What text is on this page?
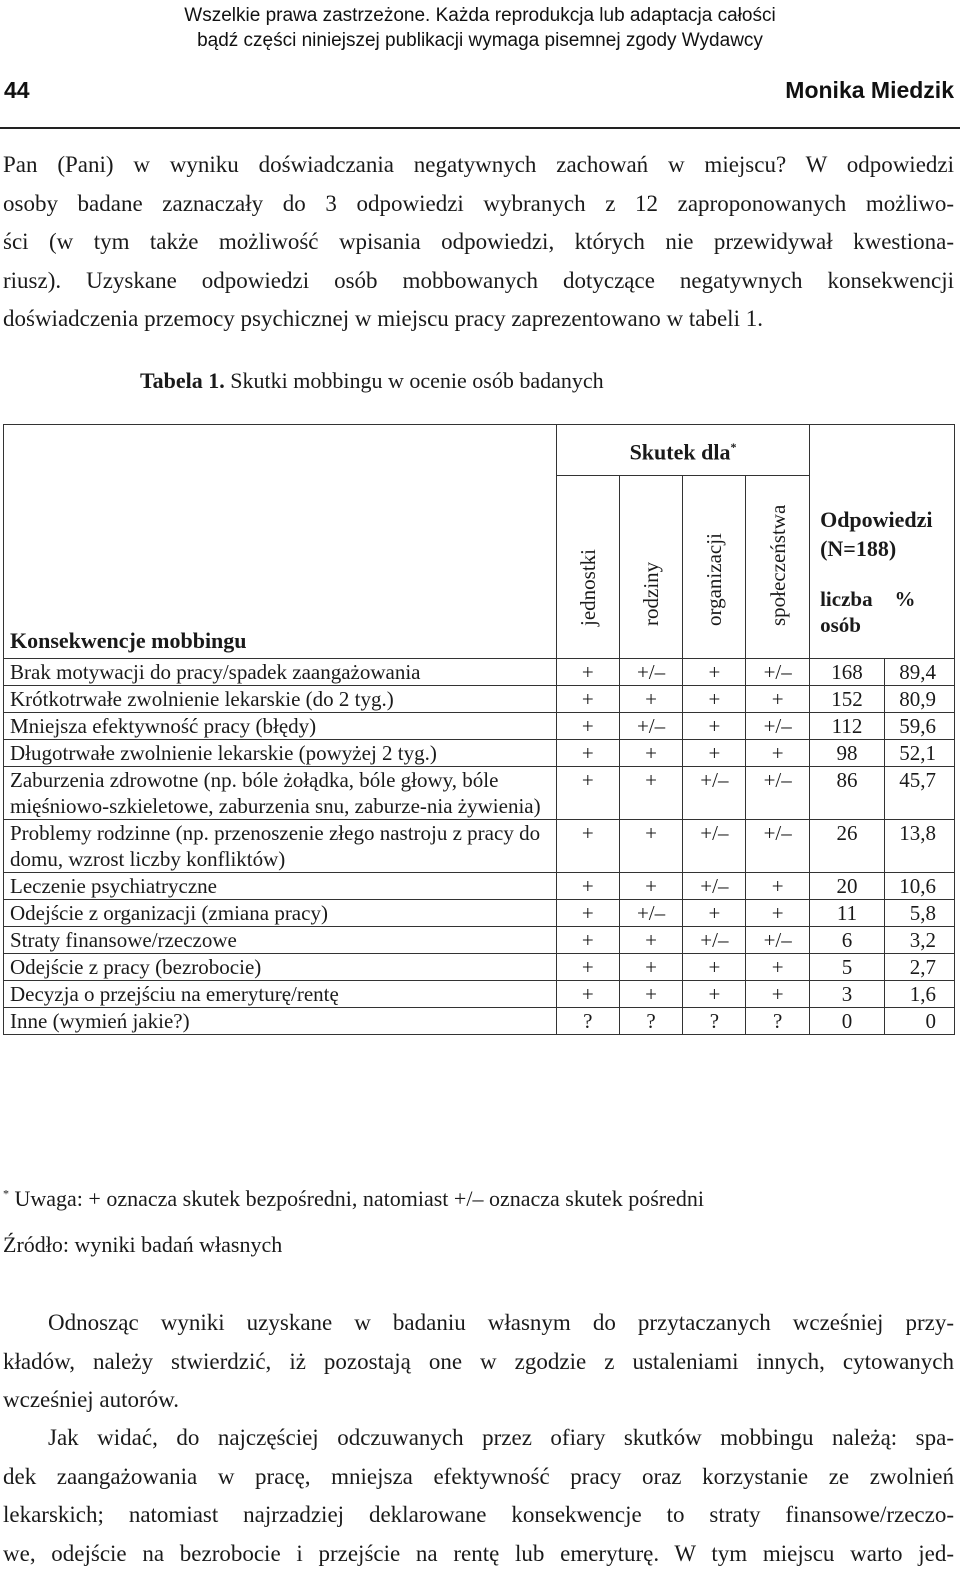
Wszelkie prawa zastrzeżone. Każda reprodukcja lub adaptacja całości
bądź części niniejszej publikacji wymaga pisemnej zgody Wydawcy
44	Monika Miedzik
Pan (Pani) w wyniku doświadczania negatywnych zachowań w miejscu? W odpowiedzi
osoby badane zaznaczały do 3 odpowiedzi wybranych z 12 zaproponowanych możliwo-
ści (w tym także możliwość wpisania odpowiedzi, których nie przewidywał kwestiona-
riusz). Uzyskane odpowiedzi osób mobbowanych dotyczące negatywnych konsekwencji
doświadczenia przemocy psychicznej w miejscu pracy zaprezentowano w tabeli 1.
Tabela 1. Skutki mobbingu w ocenie osób badanych
Konsekwencje mobbingu	Skutek dla*				Odpowiedzi (N=188)	

	jednostki	rodziny	organizacji	społeczeństwa		

					liczba osób	%
Brak motywacji do pracy/spadek zaangażowania	+	+/–	+	+/–	168	89,4
Krótkotrwałe zwolnienie lekarskie (do 2 tyg.)	+	+	+	+	152	80,9
Mniejsza efektywność pracy (błędy)	+	+/–	+	+/–	112	59,6
Długotrwałe zwolnienie lekarskie (powyżej 2 tyg.)	+	+	+	+	98	52,1
Zaburzenia zdrowotne (np. bóle żołądka, bóle głowy, bóle mięśniowo-szkieletowe, zaburzenia snu, zaburze-nia żywienia)	+	+	+/–	+/–	86	45,7
Problemy rodzinne (np. przenoszenie złego nastroju z pracy do domu, wzrost liczby konfliktów)	+	+	+/–	+/–	26	13,8
Leczenie psychiatryczne	+	+	+/–	+	20	10,6
Odejście z organizacji (zmiana pracy)	+	+/–	+	+	11	5,8
Straty finansowe/rzeczowe	+	+	+/–	+/–	6	3,2
Odejście z pracy (bezrobocie)	+	+	+	+	5	2,7
Decyzja o przejściu na emeryturę/rentę	+	+	+	+	3	1,6
Inne (wymień jakie?)	?	?	?	?	0	0
* Uwaga: + oznacza skutek bezpośredni, natomiast +/– oznacza skutek pośredni
Źródło: wyniki badań własnych
Odnosząc wyniki uzyskane w badaniu własnym do przytaczanych wcześniej przy-
kładów, należy stwierdzić, iż pozostają one w zgodzie z ustaleniami innych, cytowanych
wcześniej autorów.
Jak widać, do najczęściej odczuwanych przez ofiary skutków mobbingu należą: spa-
dek zaangażowania w pracę, mniejsza efektywność pracy oraz korzystanie ze zwolnień
lekarskich; natomiast najrzadziej deklarowane konsekwencje to straty finansowe/rzeczo-
we, odejście na bezrobocie i przejście na rentę lub emeryturę. W tym miejscu warto jed-
